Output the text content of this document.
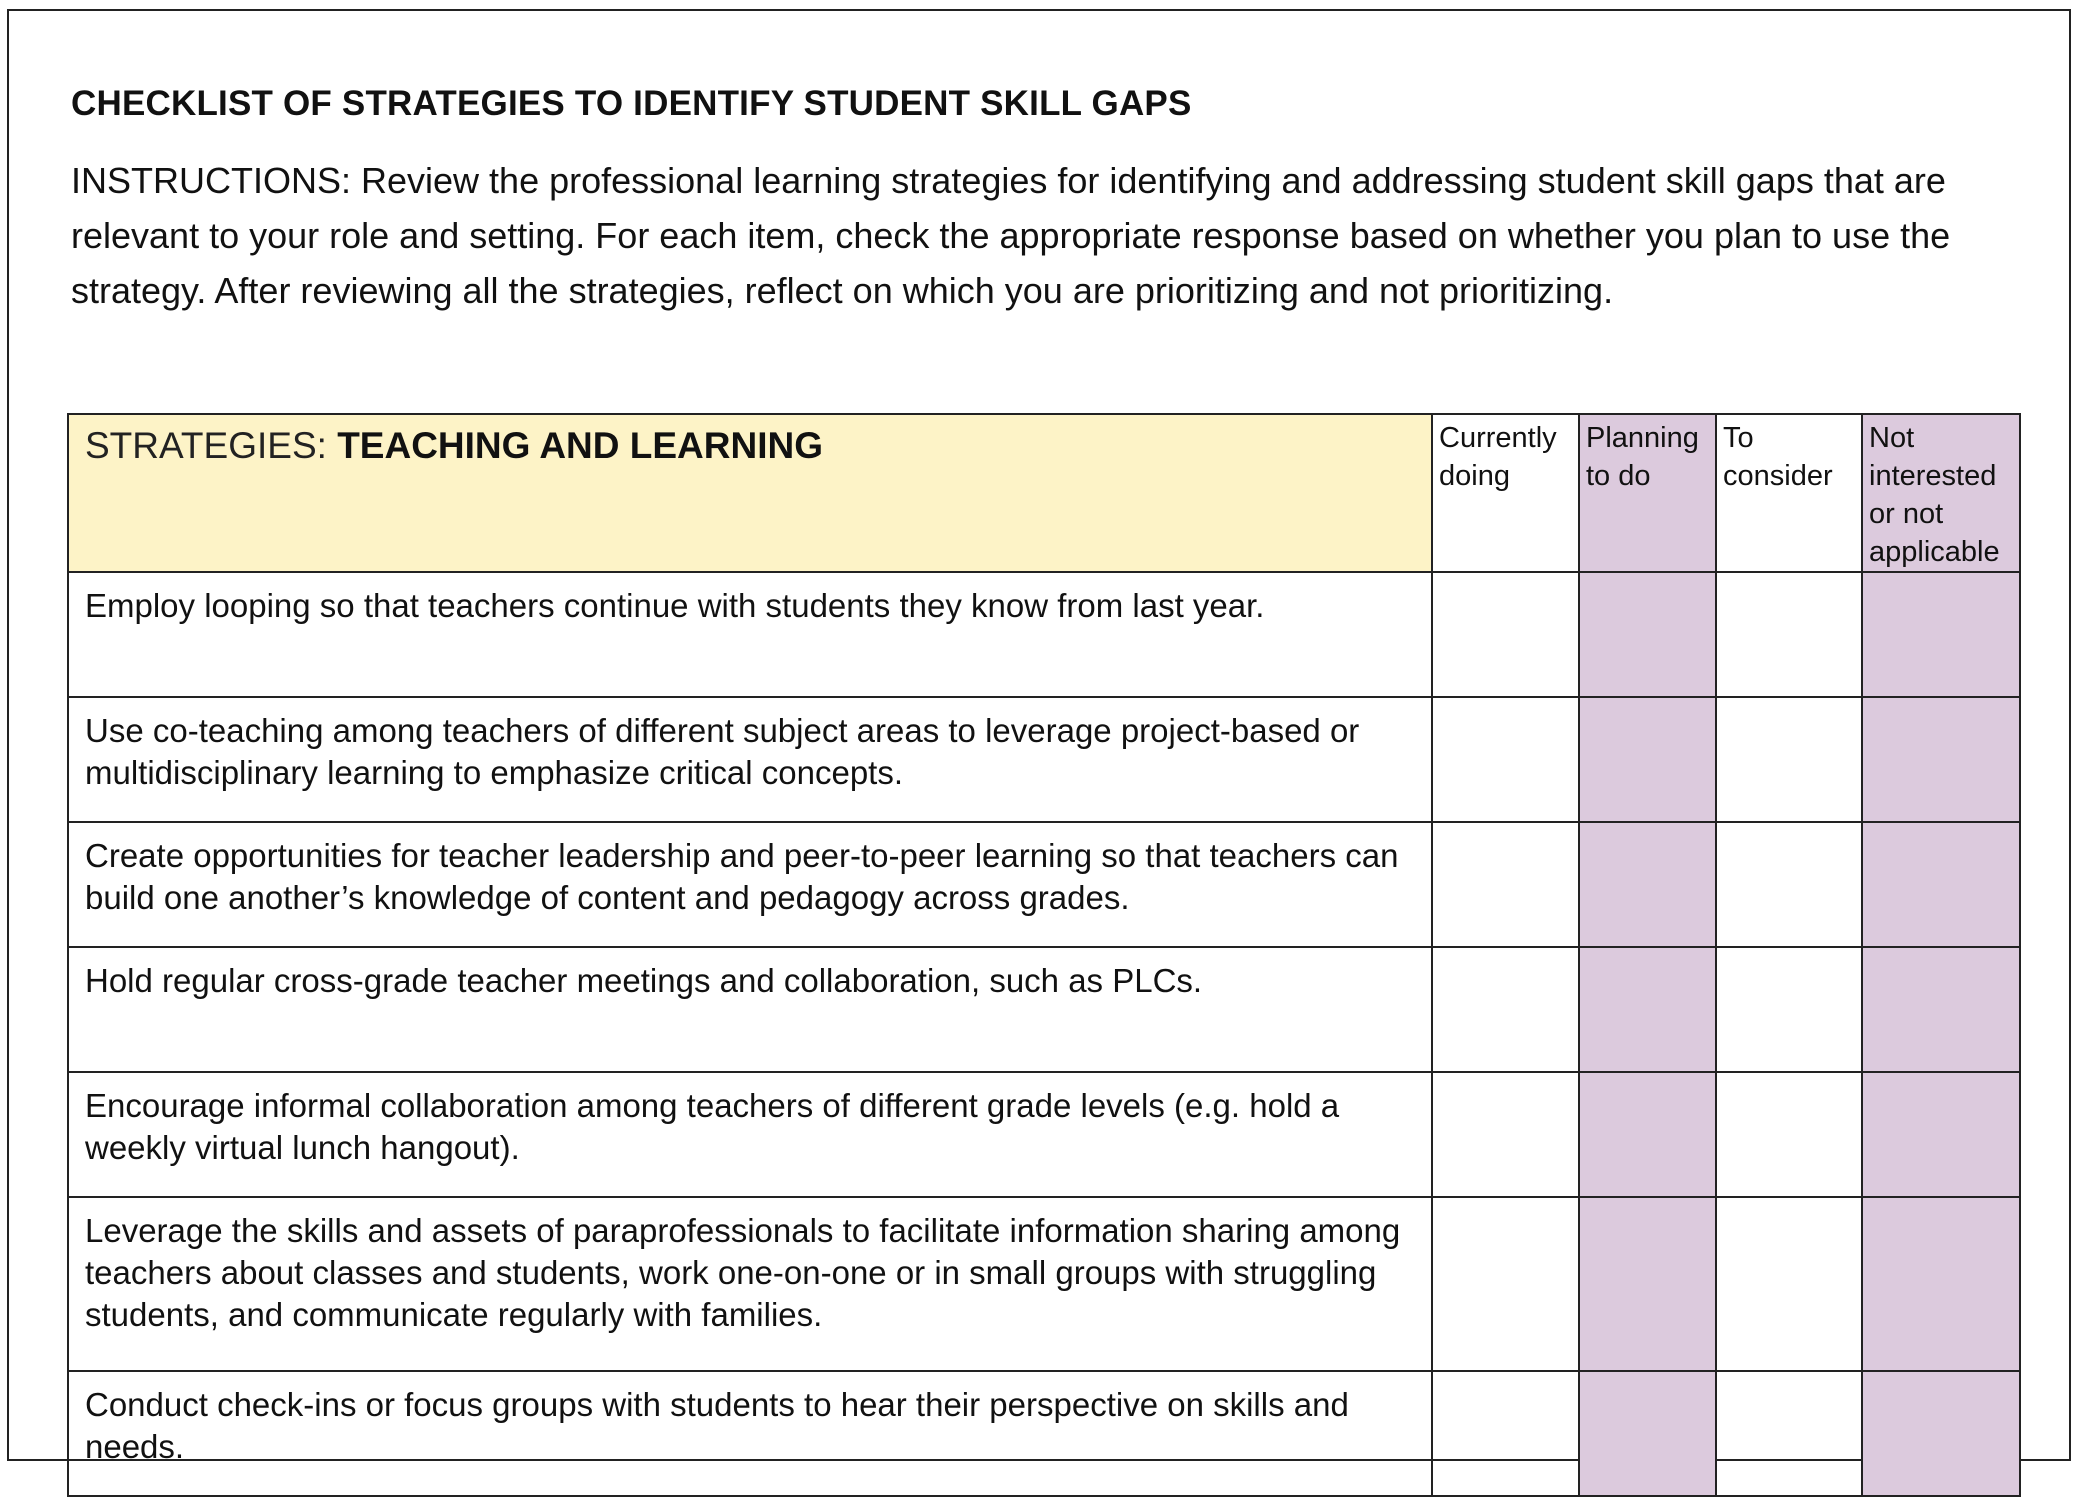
CHECKLIST OF STRATEGIES TO IDENTIFY STUDENT SKILL GAPS

INSTRUCTIONS: Review the professional learning strategies for identifying and addressing student skill gaps that are relevant to your role and setting. For each item, check the appropriate response based on whether you plan to use the strategy. After reviewing all the strategies, reflect on which you are prioritizing and not prioritizing.

STRATEGIES: TEACHING AND LEARNING	Currently doing	Planning to do	To consider	Not interested or not applicable

Employ looping so that teachers continue with students they know from last year.				
Use co-teaching among teachers of different subject areas to leverage project-based or multidisciplinary learning to emphasize critical concepts.				
Create opportunities for teacher leadership and peer-to-peer learning so that teachers can build one another’s knowledge of content and pedagogy across grades.				
Hold regular cross-grade teacher meetings and collaboration, such as PLCs.				
Encourage informal collaboration among teachers of different grade levels (e.g. hold a weekly virtual lunch hangout).				
Leverage the skills and assets of paraprofessionals to facilitate information sharing among teachers about classes and students, work one-on-one or in small groups with struggling students, and communicate regularly with families.				
Conduct check-ins or focus groups with students to hear their perspective on skills and needs.				
